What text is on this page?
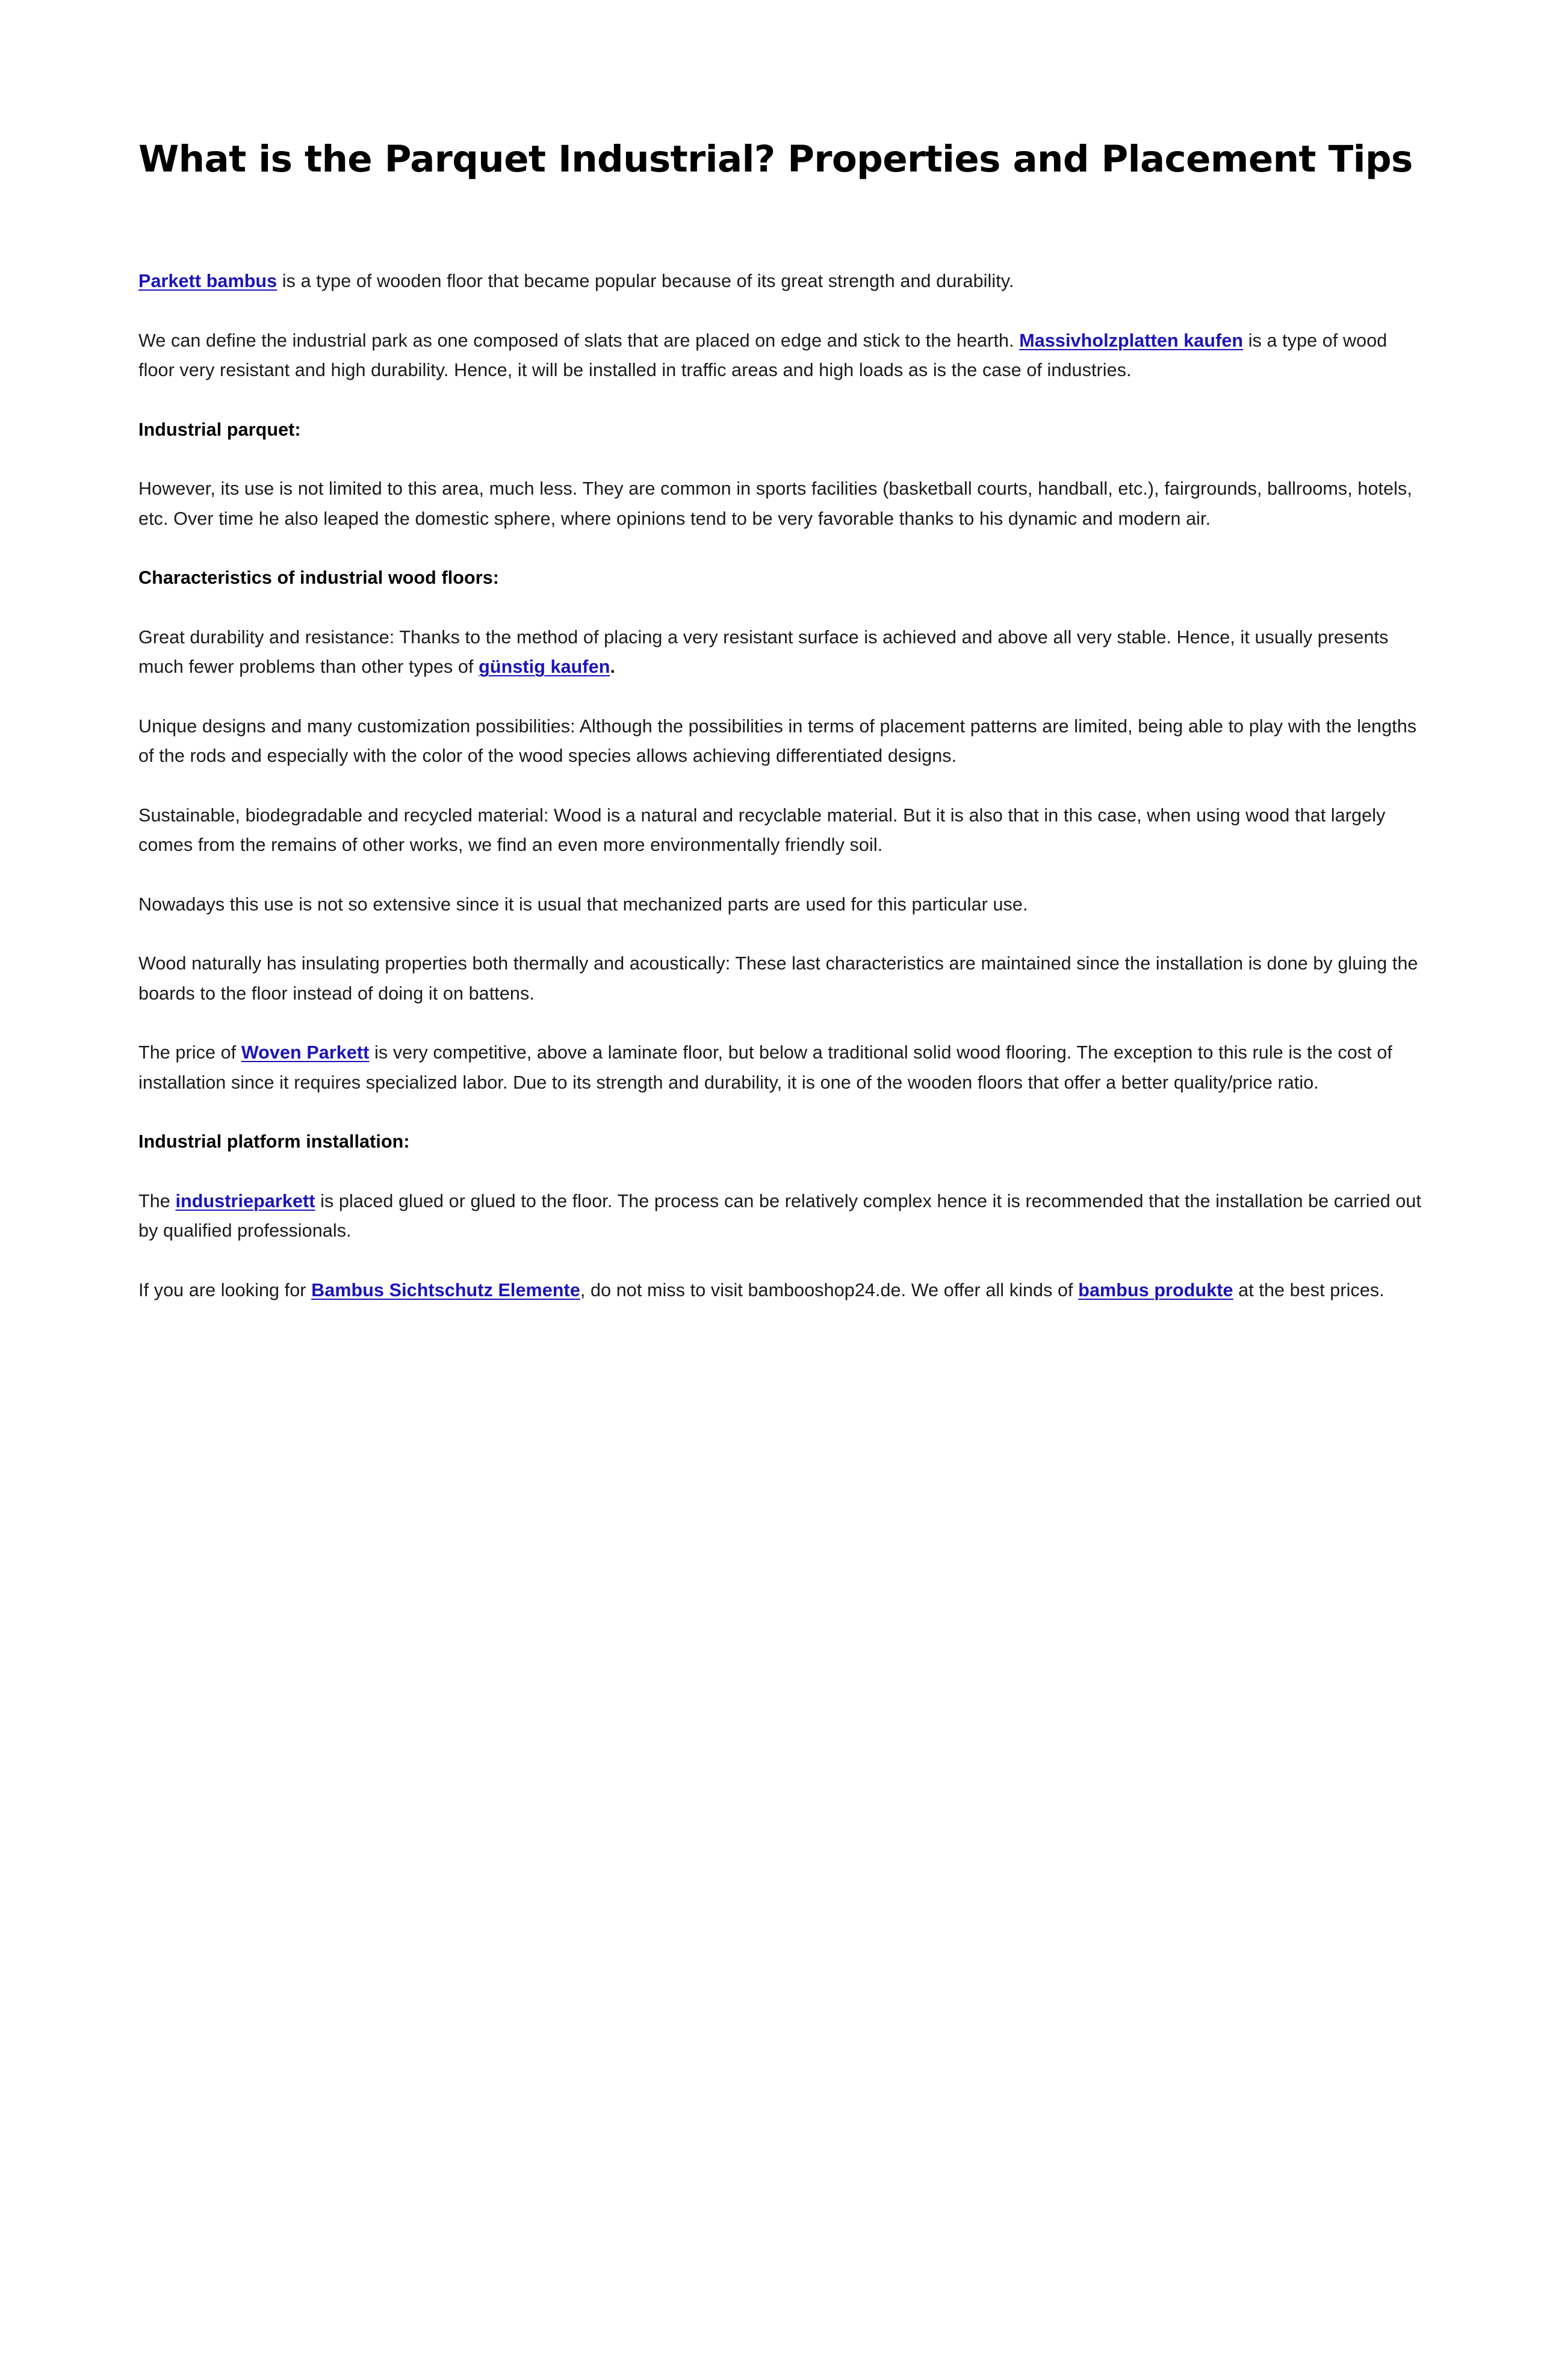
What is the Parquet Industrial? Properties and Placement Tips

Parkett bambus is a type of wooden floor that became popular because of its great strength and durability.

We can define the industrial park as one composed of slats that are placed on edge and stick to the hearth. Massivholzplatten kaufen is a type of wood floor very resistant and high durability. Hence, it will be installed in traffic areas and high loads as is the case of industries.

Industrial parquet:

However, its use is not limited to this area, much less. They are common in sports facilities (basketball courts, handball, etc.), fairgrounds, ballrooms, hotels, etc. Over time he also leaped the domestic sphere, where opinions tend to be very favorable thanks to his dynamic and modern air.

Characteristics of industrial wood floors:

Great durability and resistance: Thanks to the method of placing a very resistant surface is achieved and above all very stable. Hence, it usually presents much fewer problems than other types of günstig kaufen.

Unique designs and many customization possibilities: Although the possibilities in terms of placement patterns are limited, being able to play with the lengths of the rods and especially with the color of the wood species allows achieving differentiated designs.

Sustainable, biodegradable and recycled material: Wood is a natural and recyclable material. But it is also that in this case, when using wood that largely comes from the remains of other works, we find an even more environmentally friendly soil.

Nowadays this use is not so extensive since it is usual that mechanized parts are used for this particular use.

Wood naturally has insulating properties both thermally and acoustically: These last characteristics are maintained since the installation is done by gluing the boards to the floor instead of doing it on battens.

The price of Woven Parkett is very competitive, above a laminate floor, but below a traditional solid wood flooring. The exception to this rule is the cost of installation since it requires specialized labor. Due to its strength and durability, it is one of the wooden floors that offer a better quality/price ratio.

Industrial platform installation:

The industrieparkett is placed glued or glued to the floor. The process can be relatively complex hence it is recommended that the installation be carried out by qualified professionals.

If you are looking for Bambus Sichtschutz Elemente, do not miss to visit bambooshop24.de. We offer all kinds of bambus produkte at the best prices.
